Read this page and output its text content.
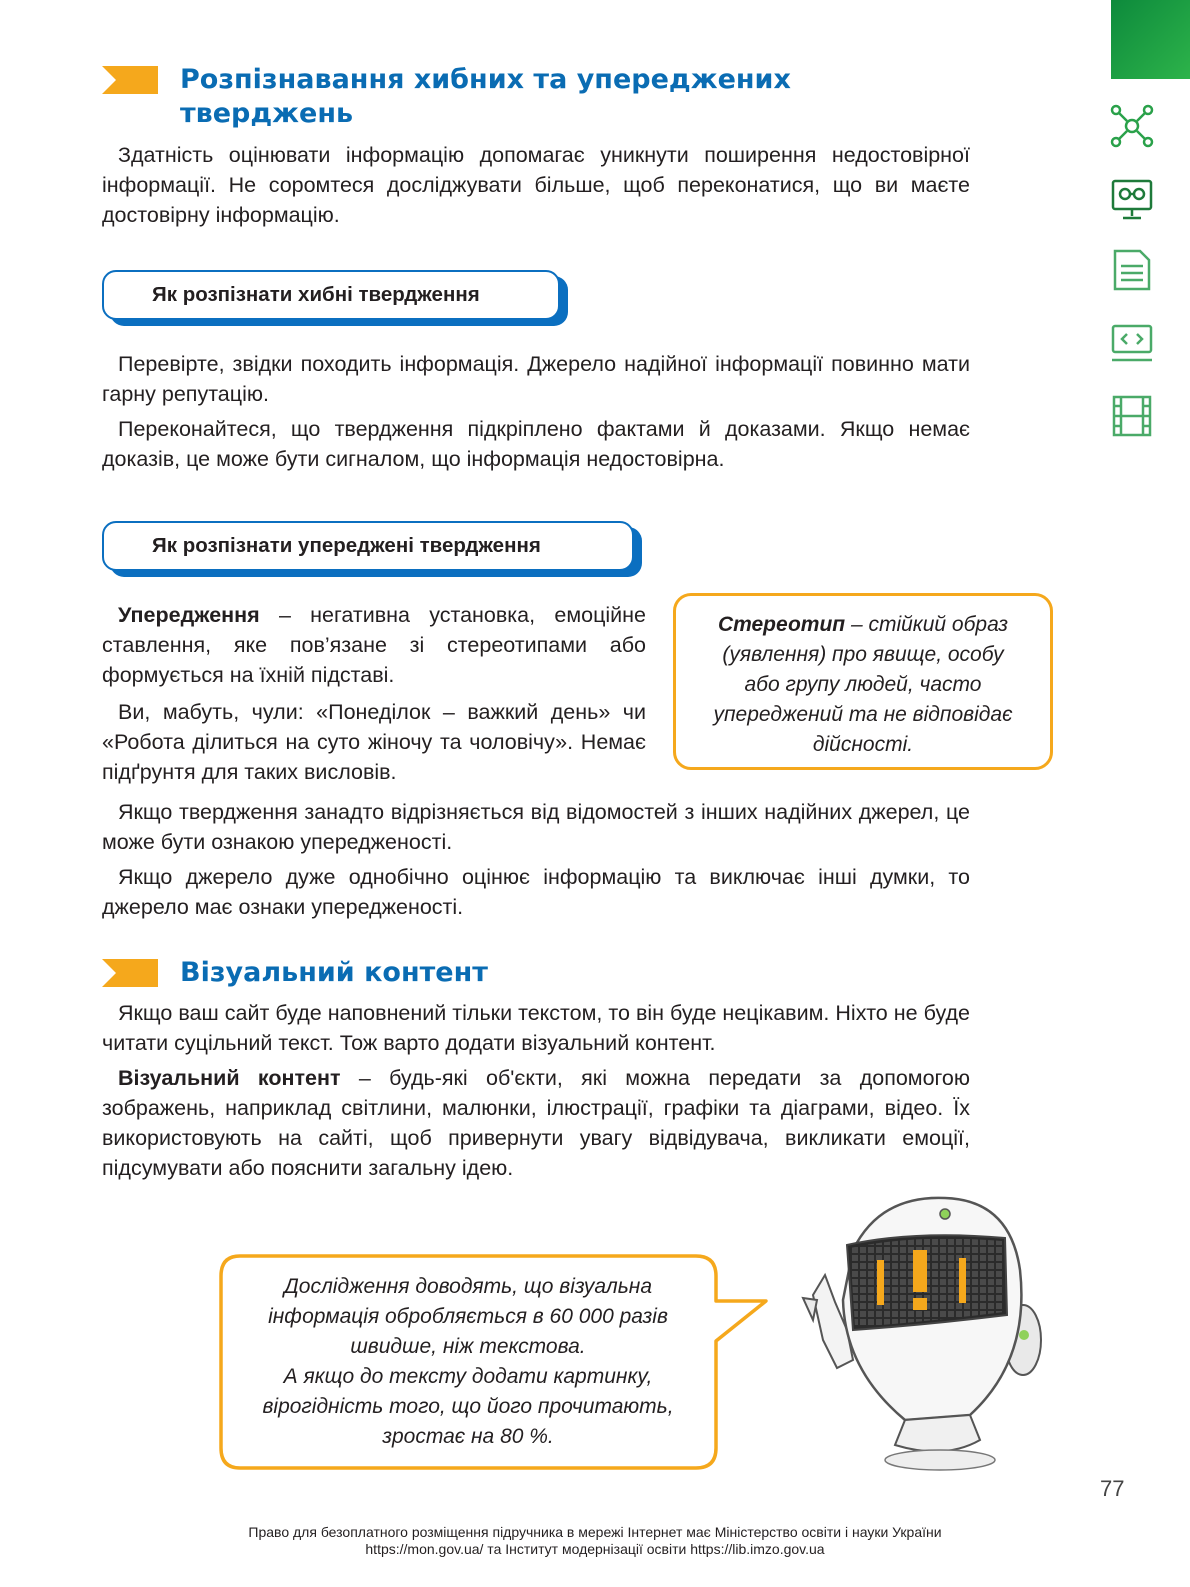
Розпізнавання хибних та упереджених
тверджень
Здатність оцінювати інформацію допомагає уникнути поширення недостовірної інформації. Не соромтеся досліджувати більше, щоб переконатися, що ви маєте достовірну інформацію.
Як розпізнати хибні твердження
Перевірте, звідки походить інформація. Джерело надійної інформації повинно мати гарну репутацію.
Переконайтеся, що твердження підкріплено фактами й доказами. Якщо немає доказів, це може бути сигналом, що інформація недостовірна.
Як розпізнати упереджені твердження
Упередження – негативна установка, емоційне ставлення, яке пов’язане зі стереотипами або формується на їхній підставі.
Ви, мабуть, чули: «Понеділок – важкий день» чи «Робота ділиться на суто жіночу та чоловічу». Немає підґрунтя для таких висловів.
Стереотип – стійкий образ (уявлення) про явище, особу або групу людей, часто упереджений та не відповідає дійсності.
Якщо твердження занадто відрізняється від відомостей з інших надійних джерел, це може бути ознакою упередженості.
Якщо джерело дуже однобічно оцінює інформацію та виключає інші думки, то джерело має ознаки упередженості.
Візуальний контент
Якщо ваш сайт буде наповнений тільки текстом, то він буде нецікавим. Ніхто не буде читати суцільний текст. Тож варто додати візуальний контент.
Візуальний контент – будь-які об'єкти, які можна передати за допомогою зображень, наприклад світлини, малюнки, ілюстрації, графіки та діаграми, відео. Їх використовують на сайті, щоб привернути увагу відвідувача, викликати емоції, підсумувати або пояснити загальну ідею.
Дослідження доводять, що візуальна
інформація обробляється в 60 000 разів
швидше, ніж текстова.
А якщо до тексту додати картинку,
вірогідність того, що його прочитають,
зростає на 80 %.
77
Право для безоплатного розміщення підручника в мережі Інтернет має Міністерство освіти і науки України
https://mon.gov.ua/ та Інститут модернізації освіти https://lib.imzo.gov.ua
